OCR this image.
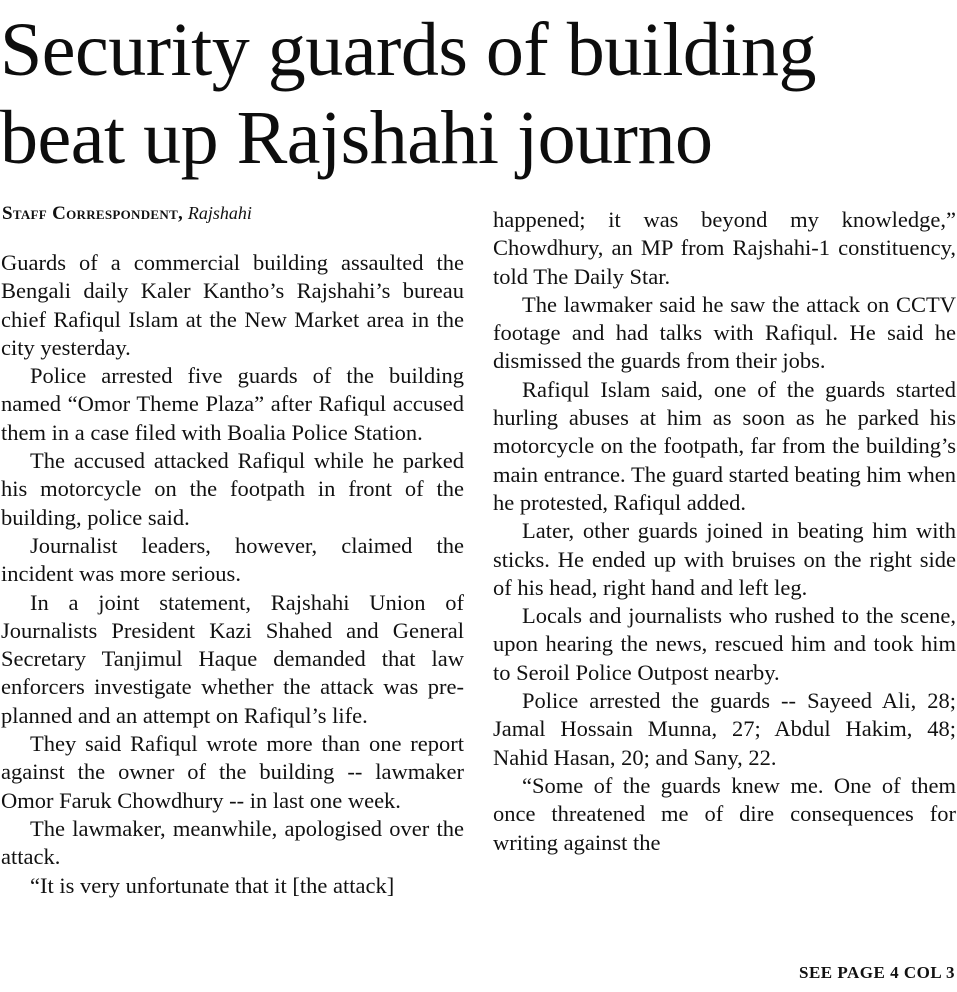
Security guards of building
beat up Rajshahi journo
Staff Correspondent, Rajshahi

Guards of a commercial building assaulted the Bengali daily Kaler Kantho’s Rajshahi’s bureau chief Rafiqul Islam at the New Market area in the city yesterday.

Police arrested five guards of the building named “Omor Theme Plaza” after Rafiqul accused them in a case filed with Boalia Police Station.

The accused attacked Rafiqul while he parked his motorcycle on the footpath in front of the building, police said.

Journalist leaders, however, claimed the incident was more serious.

In a joint statement, Rajshahi Union of Journalists President Kazi Shahed and General Secretary Tanjimul Haque demanded that law enforcers investigate whether the attack was pre-planned and an attempt on Rafiqul’s life.

They said Rafiqul wrote more than one report against the owner of the building -- lawmaker Omor Faruk Chowdhury -- in last one week.

The lawmaker, meanwhile, apologised over the attack.

“It is very unfortunate that it [the attack]

happened; it was beyond my knowledge,” Chowdhury, an MP from Rajshahi-1 constituency, told The Daily Star.

The lawmaker said he saw the attack on CCTV footage and had talks with Rafiqul. He said he dismissed the guards from their jobs.

Rafiqul Islam said, one of the guards started hurling abuses at him as soon as he parked his motorcycle on the footpath, far from the building’s main entrance. The guard started beating him when he protested, Rafiqul added.

Later, other guards joined in beating him with sticks. He ended up with bruises on the right side of his head, right hand and left leg.

Locals and journalists who rushed to the scene, upon hearing the news, rescued him and took him to Seroil Police Outpost nearby.

Police arrested the guards -- Sayeed Ali, 28; Jamal Hossain Munna, 27; Abdul Hakim, 48; Nahid Hasan, 20; and Sany, 22.

“Some of the guards knew me. One of them once threatened me of dire consequences for writing against the

SEE PAGE 4 COL 3
